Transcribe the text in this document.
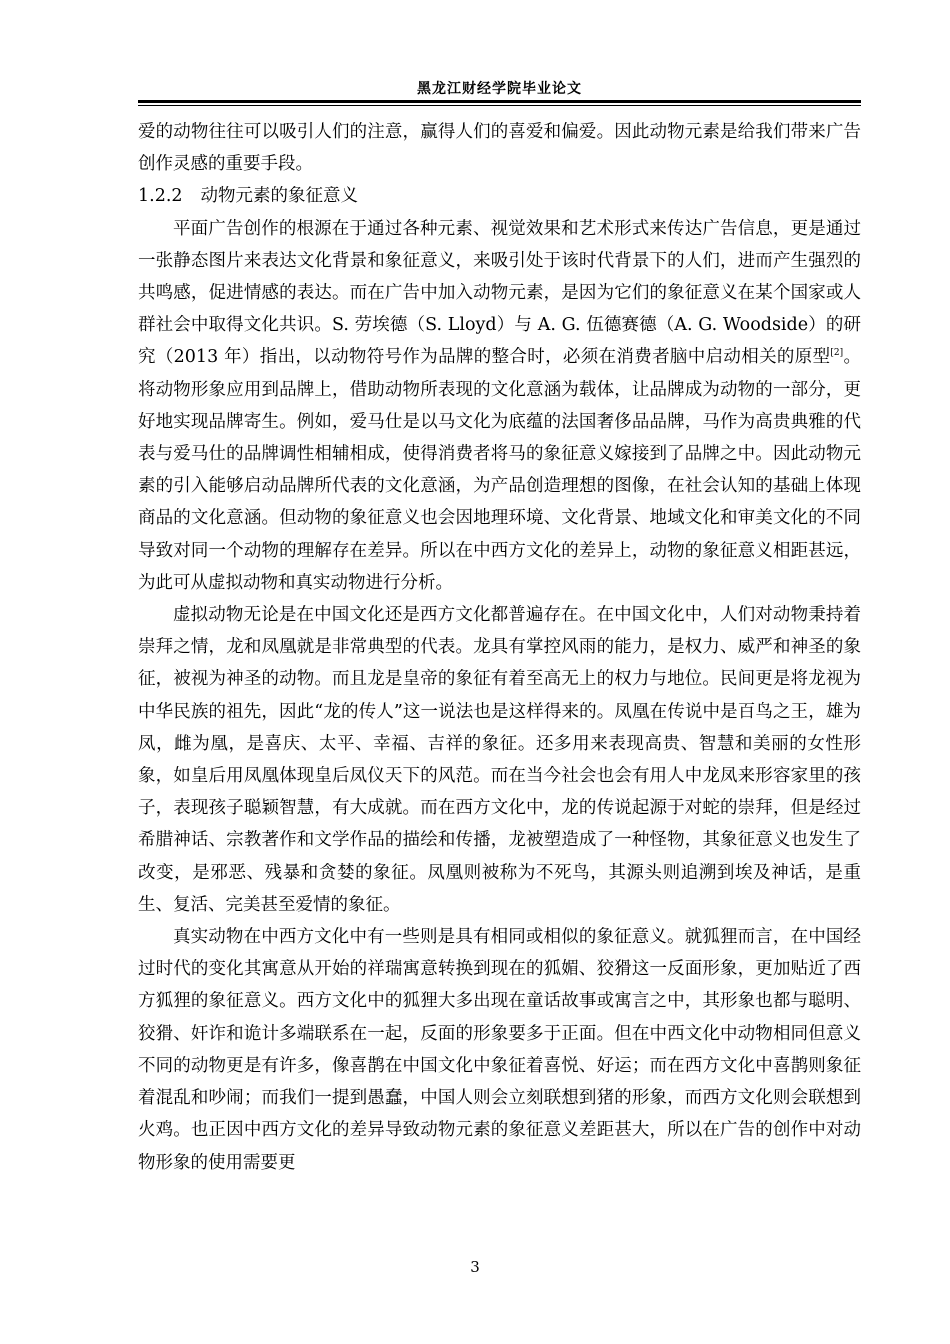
黑龙江财经学院毕业论文

爱的动物往往可以吸引人们的注意，赢得人们的喜爱和偏爱。因此动物元素是给我们带来广告创作灵感的重要手段。

1.2.2 动物元素的象征意义

平面广告创作的根源在于通过各种元素、视觉效果和艺术形式来传达广告信息，更是通过一张静态图片来表达文化背景和象征意义，来吸引处于该时代背景下的人们，进而产生强烈的共鸣感，促进情感的表达。而在广告中加入动物元素，是因为它们的象征意义在某个国家或人群社会中取得文化共识。S. 劳埃德（S. Lloyd）与 A. G. 伍德赛德（A. G. Woodside）的研究（2013 年）指出，以动物符号作为品牌的整合时，必须在消费者脑中启动相关的原型[2]。将动物形象应用到品牌上，借助动物所表现的文化意涵为载体，让品牌成为动物的一部分，更好地实现品牌寄生。例如，爱马仕是以马文化为底蕴的法国奢侈品品牌，马作为高贵典雅的代表与爱马仕的品牌调性相辅相成，使得消费者将马的象征意义嫁接到了品牌之中。因此动物元素的引入能够启动品牌所代表的文化意涵，为产品创造理想的图像，在社会认知的基础上体现商品的文化意涵。但动物的象征意义也会因地理环境、文化背景、地域文化和审美文化的不同导致对同一个动物的理解存在差异。所以在中西方文化的差异上，动物的象征意义相距甚远，为此可从虚拟动物和真实动物进行分析。

虚拟动物无论是在中国文化还是西方文化都普遍存在。在中国文化中，人们对动物秉持着崇拜之情，龙和凤凰就是非常典型的代表。龙具有掌控风雨的能力，是权力、威严和神圣的象征，被视为神圣的动物。而且龙是皇帝的象征有着至高无上的权力与地位。民间更是将龙视为中华民族的祖先，因此“龙的传人”这一说法也是这样得来的。凤凰在传说中是百鸟之王，雄为凤，雌为凰，是喜庆、太平、幸福、吉祥的象征。还多用来表现高贵、智慧和美丽的女性形象，如皇后用凤凰体现皇后凤仪天下的风范。而在当今社会也会有用人中龙凤来形容家里的孩子，表现孩子聪颖智慧，有大成就。而在西方文化中，龙的传说起源于对蛇的崇拜，但是经过希腊神话、宗教著作和文学作品的描绘和传播，龙被塑造成了一种怪物，其象征意义也发生了改变，是邪恶、残暴和贪婪的象征。凤凰则被称为不死鸟，其源头则追溯到埃及神话，是重生、复活、完美甚至爱情的象征。

真实动物在中西方文化中有一些则是具有相同或相似的象征意义。就狐狸而言，在中国经过时代的变化其寓意从开始的祥瑞寓意转换到现在的狐媚、狡猾这一反面形象，更加贴近了西方狐狸的象征意义。西方文化中的狐狸大多出现在童话故事或寓言之中，其形象也都与聪明、狡猾、奸诈和诡计多端联系在一起，反面的形象要多于正面。但在中西文化中动物相同但意义不同的动物更是有许多，像喜鹊在中国文化中象征着喜悦、好运；而在西方文化中喜鹊则象征着混乱和吵闹；而我们一提到愚蠢，中国人则会立刻联想到猪的形象，而西方文化则会联想到火鸡。也正因中西方文化的差异导致动物元素的象征意义差距甚大，所以在广告的创作中对动物形象的使用需要更

3
